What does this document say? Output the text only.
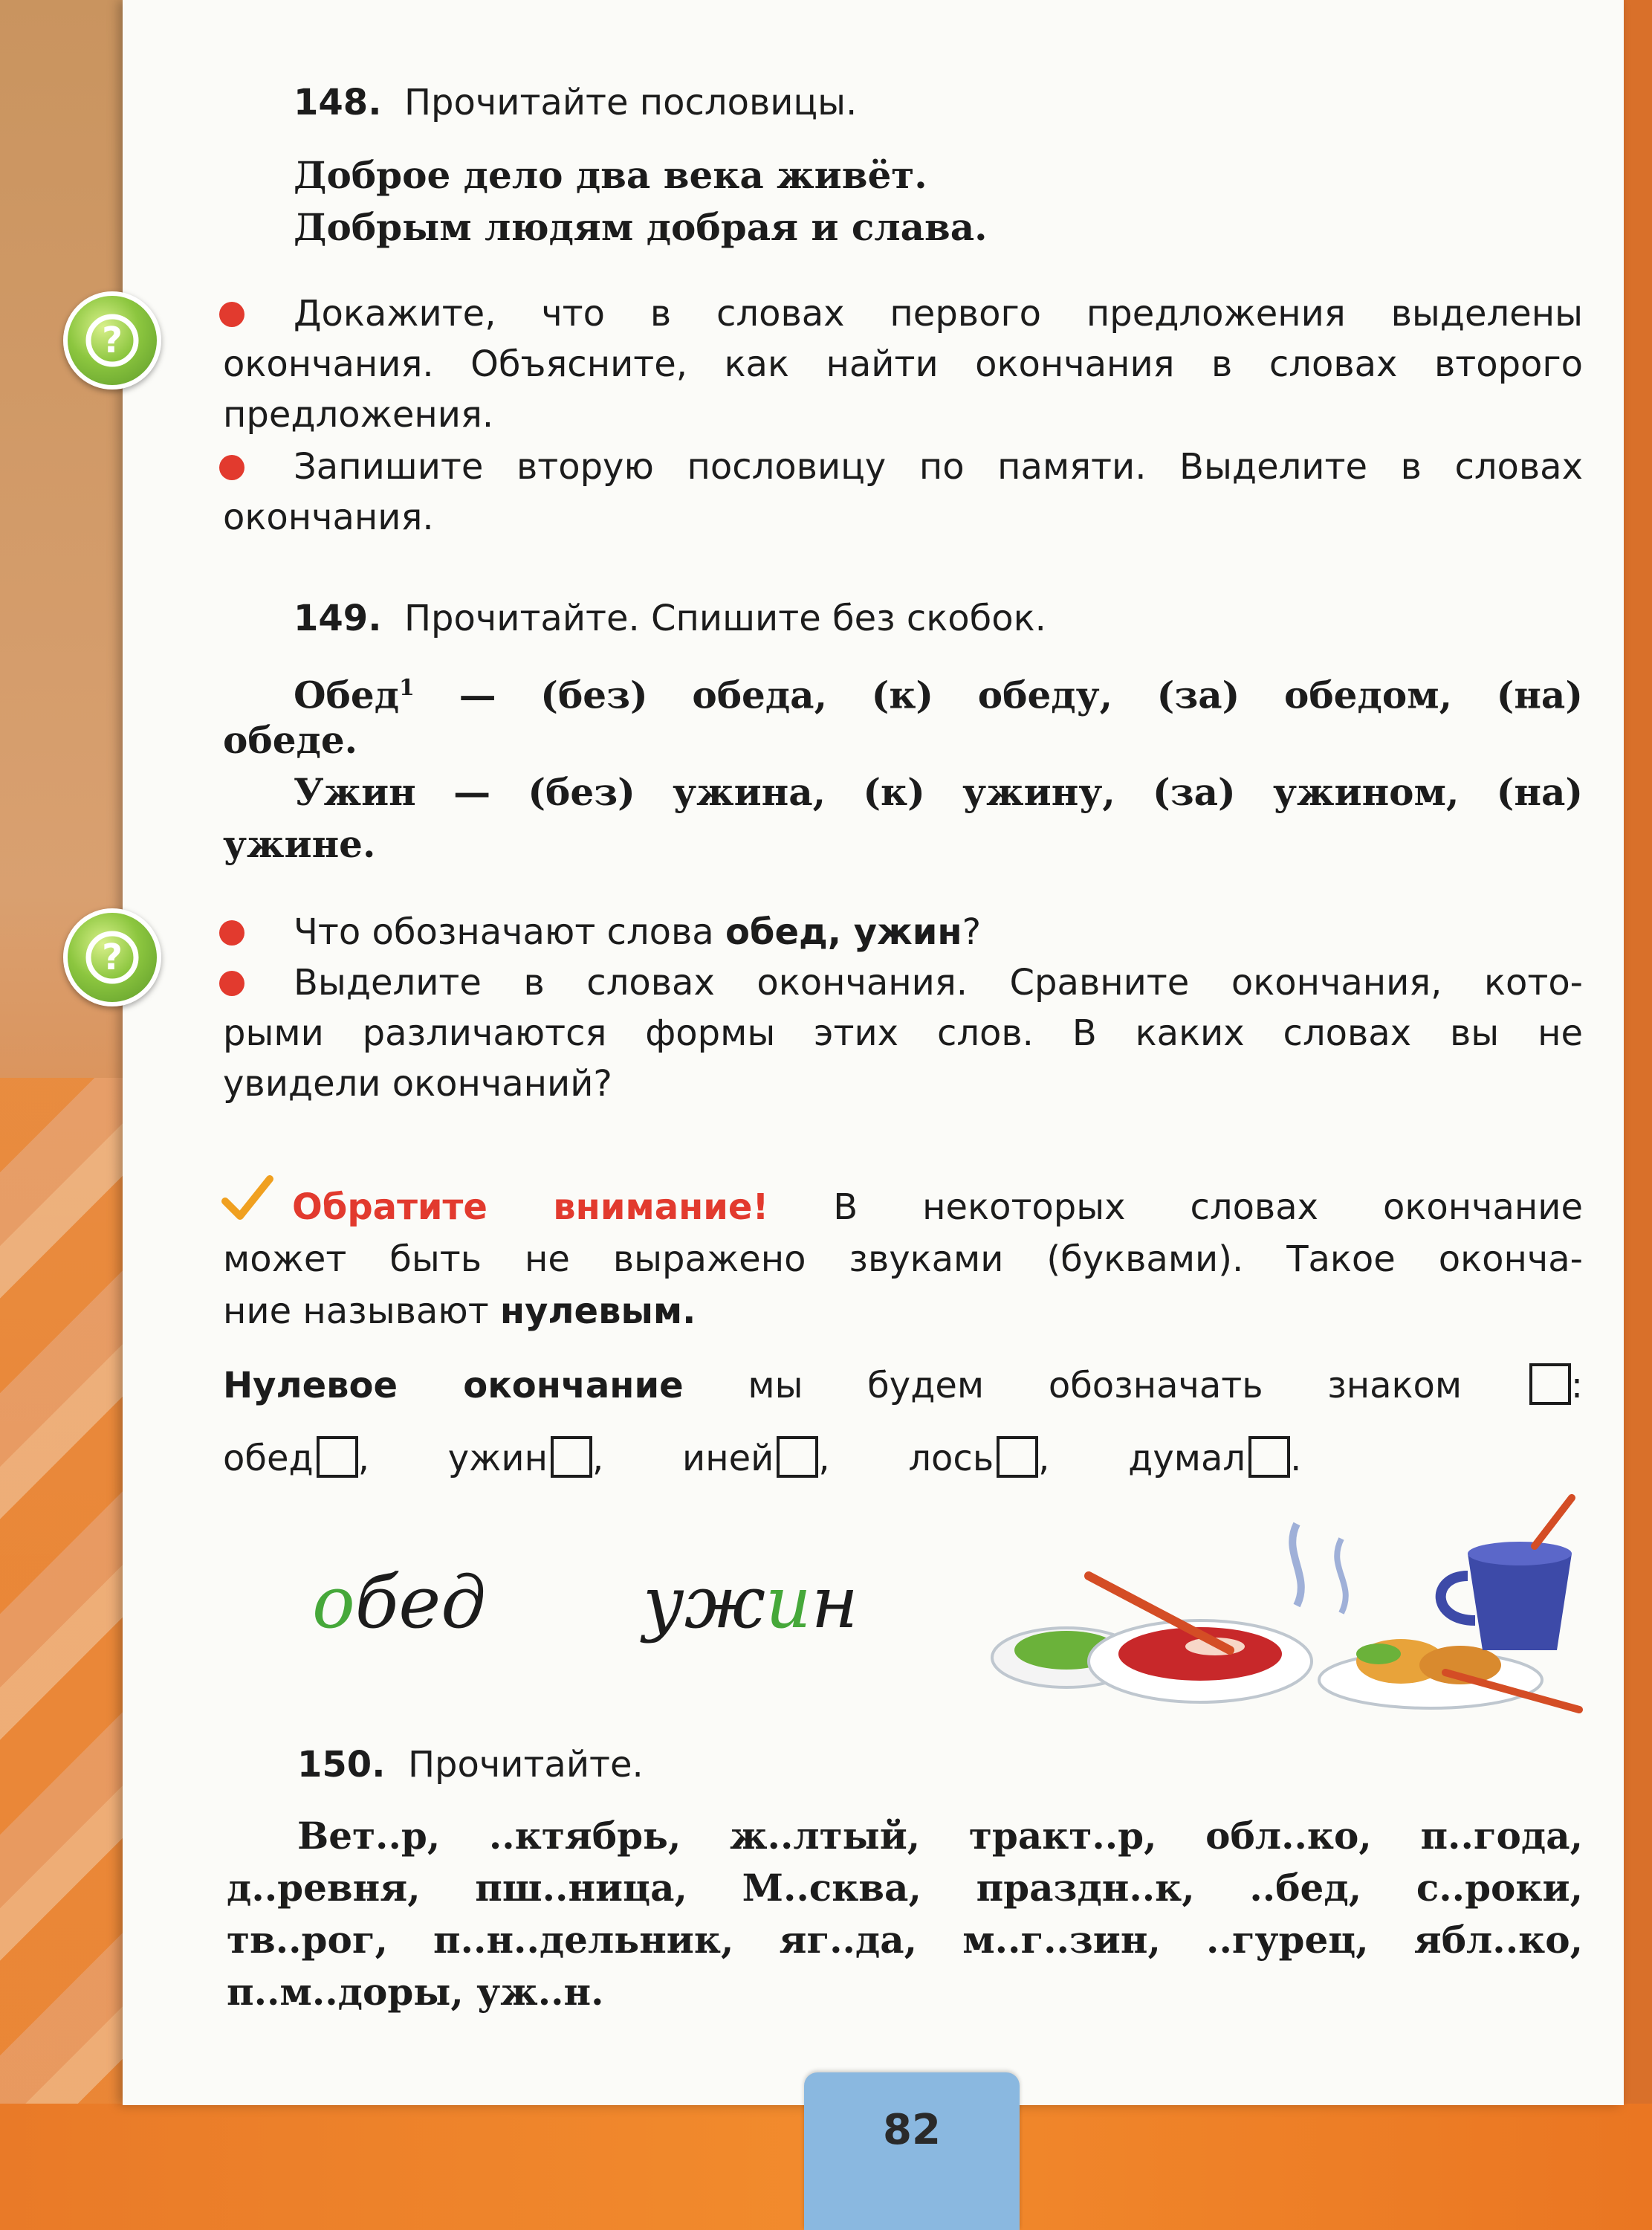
148. Прочитайте пословицы.
Доброе дело два века живёт.
Добрым людям добрая и слава.
?
Докажите, что в словах первого предложения выделены
окончания. Объясните, как найти окончания в словах второго
предложения.
Запишите вторую пословицу по памяти. Выделите в словах
окончания.
149. Прочитайте. Спишите без скобок.
Обед$^1$ — (без) обеда, (к) обеду, (за) обедом, (на)
обеде.
Ужин — (без) ужина, (к) ужину, (за) ужином, (на)
ужине.
?
Что обозначают слова обед, ужин?
Выделите в словах окончания. Сравните окончания, кото-
рыми различаются формы этих слов. В каких словах вы не
увидели окончаний?
Обратите внимание! В некоторых словах окончание
может быть не выражено звуками (буквами). Такое оконча-
ние называют нулевым.
Нулевое окончание мы будем обозначать знаком	:
обед , ужин , иней , лось , думал .
обед ужин
150. Прочитайте.
Вет..р, ..ктябрь, ж..лтый, тракт..р, обл..ко, п..года,
д..ревня, пш..ница, М..сква, праздн..к, ..бед, с..роки,
тв..рог, п..н..дельник, яг..да, м..г..зин, ..гурец, ябл..ко,
п..м..доры, уж..н.
82
